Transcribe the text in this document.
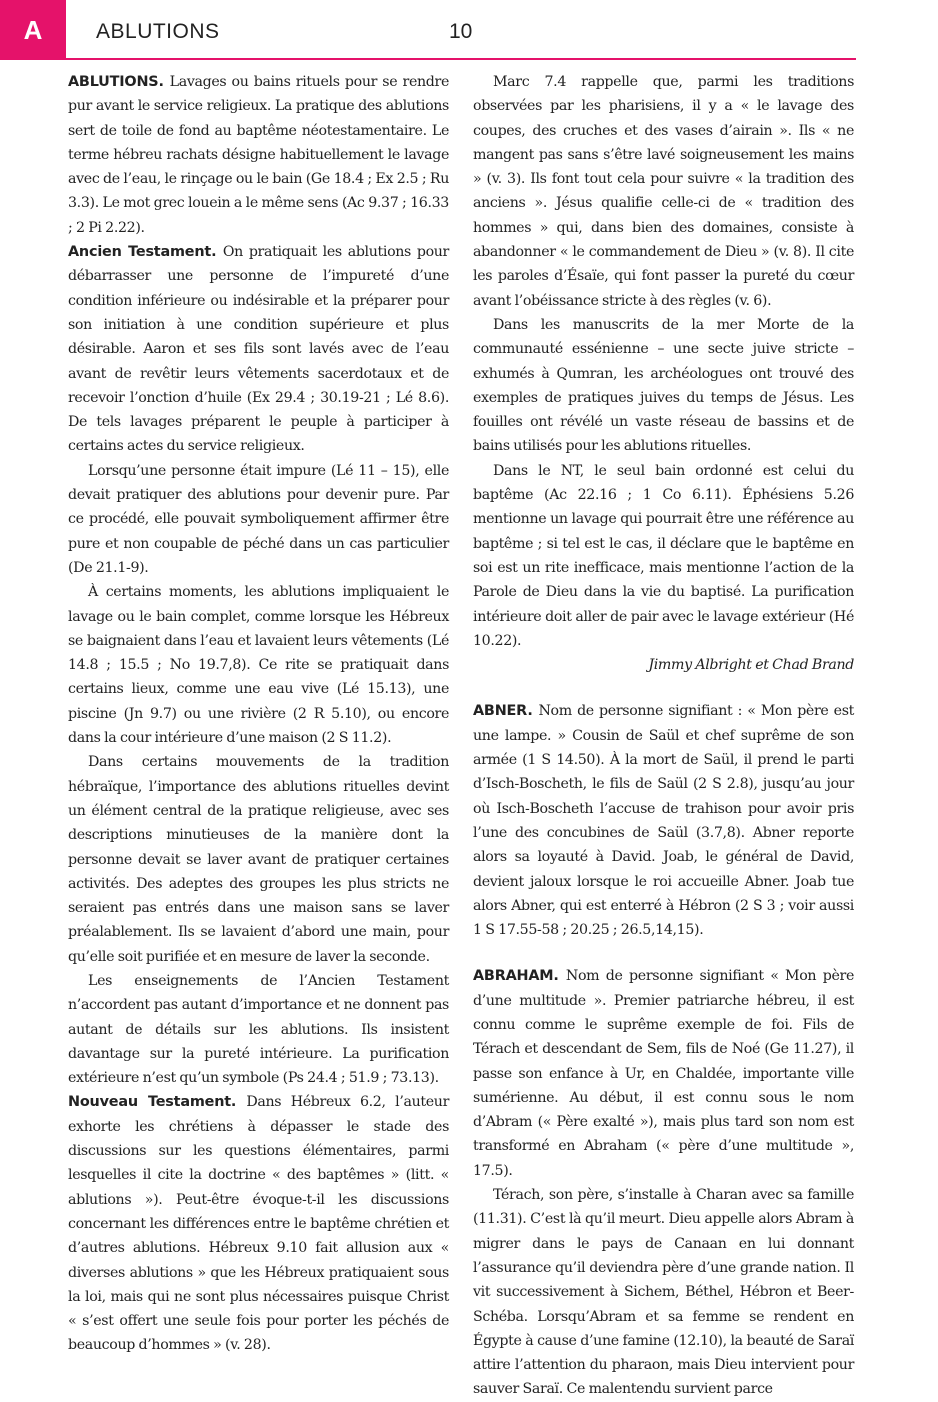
A	ABLUTIONS	10

ABLUTIONS. Lavages ou bains rituels pour se rendre pur avant le service religieux. La pratique des ablutions sert de toile de fond au baptême néotestamentaire. Le terme hébreu rachats désigne habituellement le lavage avec de l’eau, le rinçage ou le bain (Ge 18.4 ; Ex 2.5 ; Ru 3.3). Le mot grec louein a le même sens (Ac 9.37 ; 16.33 ; 2 Pi 2.22).

Ancien Testament. On pratiquait les ablutions pour débarrasser une personne de l’impureté d’une condition inférieure ou indésirable et la préparer pour son initiation à une condition supérieure et plus désirable. Aaron et ses fils sont lavés avec de l’eau avant de revêtir leurs vêtements sacerdotaux et de recevoir l’onction d’huile (Ex 29.4 ; 30.19-21 ; Lé 8.6). De tels lavages préparent le peuple à participer à certains actes du service religieux.

Lorsqu’une personne était impure (Lé 11 – 15), elle devait pratiquer des ablutions pour devenir pure. Par ce procédé, elle pouvait symboliquement affirmer être pure et non coupable de péché dans un cas particulier (De 21.1-9).

À certains moments, les ablutions impliquaient le lavage ou le bain complet, comme lorsque les Hébreux se baignaient dans l’eau et lavaient leurs vêtements (Lé 14.8 ; 15.5 ; No 19.7,8). Ce rite se pratiquait dans certains lieux, comme une eau vive (Lé 15.13), une piscine (Jn 9.7) ou une rivière (2 R 5.10), ou encore dans la cour intérieure d’une maison (2 S 11.2).

Dans certains mouvements de la tradition hébraïque, l’importance des ablutions rituelles devint un élément central de la pratique religieuse, avec ses descriptions minutieuses de la manière dont la personne devait se laver avant de pratiquer certaines activités. Des adeptes des groupes les plus stricts ne seraient pas entrés dans une maison sans se laver préalablement. Ils se lavaient d’abord une main, pour qu’elle soit purifiée et en mesure de laver la seconde.

Les enseignements de l’Ancien Testament n’accordent pas autant d’importance et ne donnent pas autant de détails sur les ablutions. Ils insistent davantage sur la pureté intérieure. La purification extérieure n’est qu’un symbole (Ps 24.4 ; 51.9 ; 73.13).

Nouveau Testament. Dans Hébreux 6.2, l’auteur exhorte les chrétiens à dépasser le stade des discussions sur les questions élémentaires, parmi lesquelles il cite la doctrine « des baptêmes » (litt. « ablutions »). Peut-être évoque-t-il les discussions concernant les différences entre le baptême chrétien et d’autres ablutions. Hébreux 9.10 fait allusion aux « diverses ablutions » que les Hébreux pratiquaient sous la loi, mais qui ne sont plus nécessaires puisque Christ « s’est offert une seule fois pour porter les péchés de beaucoup d’hommes » (v. 28).

Marc 7.4 rappelle que, parmi les traditions observées par les pharisiens, il y a « le lavage des coupes, des cruches et des vases d’airain ». Ils « ne mangent pas sans s’être lavé soigneusement les mains » (v. 3). Ils font tout cela pour suivre « la tradition des anciens ». Jésus qualifie celle-ci de « tradition des hommes » qui, dans bien des domaines, consiste à abandonner « le commandement de Dieu » (v. 8). Il cite les paroles d’Ésaïe, qui font passer la pureté du cœur avant l’obéissance stricte à des règles (v. 6).

Dans les manuscrits de la mer Morte de la communauté essénienne – une secte juive stricte – exhumés à Qumran, les archéologues ont trouvé des exemples de pratiques juives du temps de Jésus. Les fouilles ont révélé un vaste réseau de bassins et de bains utilisés pour les ablutions rituelles.

Dans le NT, le seul bain ordonné est celui du baptême (Ac 22.16 ; 1 Co 6.11). Éphésiens 5.26 mentionne un lavage qui pourrait être une référence au baptême ; si tel est le cas, il déclare que le baptême en soi est un rite inefficace, mais mentionne l’action de la Parole de Dieu dans la vie du baptisé. La purification intérieure doit aller de pair avec le lavage extérieur (Hé 10.22).

Jimmy Albright et Chad Brand

ABNER. Nom de personne signifiant : « Mon père est une lampe. » Cousin de Saül et chef suprême de son armée (1 S 14.50). À la mort de Saül, il prend le parti d’Isch-Boscheth, le fils de Saül (2 S 2.8), jusqu’au jour où Isch-Boscheth l’accuse de trahison pour avoir pris l’une des concubines de Saül (3.7,8). Abner reporte alors sa loyauté à David. Joab, le général de David, devient jaloux lorsque le roi accueille Abner. Joab tue alors Abner, qui est enterré à Hébron (2 S 3 ; voir aussi 1 S 17.55-58 ; 20.25 ; 26.5,14,15).

ABRAHAM. Nom de personne signifiant « Mon père d’une multitude ». Premier patriarche hébreu, il est connu comme le suprême exemple de foi. Fils de Térach et descendant de Sem, fils de Noé (Ge 11.27), il passe son enfance à Ur, en Chaldée, importante ville sumérienne. Au début, il est connu sous le nom d’Abram (« Père exalté »), mais plus tard son nom est transformé en Abraham (« père d’une multitude », 17.5).

Térach, son père, s’installe à Charan avec sa famille (11.31). C’est là qu’il meurt. Dieu appelle alors Abram à migrer dans le pays de Canaan en lui donnant l’assurance qu’il deviendra père d’une grande nation. Il vit successivement à Sichem, Béthel, Hébron et Beer-Schéba. Lorsqu’Abram et sa femme se rendent en Égypte à cause d’une famine (12.10), la beauté de Saraï attire l’attention du pharaon, mais Dieu intervient pour sauver Saraï. Ce malentendu survient parce
